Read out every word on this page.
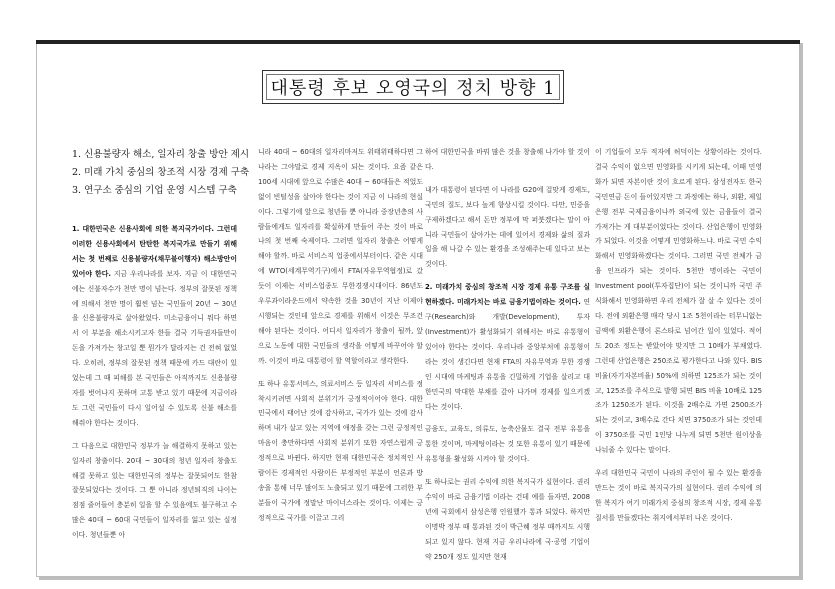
대통령 후보 오영국의 정치 방향 1
1. 신용불량자 해소, 일자리 창출 방안 제시
2. 미래 가치 중심의 창조적 시장 경제 구축
3. 연구소 중심의 기업 운영 시스템 구축

1. 대한민국은 신용사회에 의한 복지국가이다. 그런데 이러한 신용사회에서 탄탄한 복지국가로 만들기 위해서는 첫 번째로 신용불량자(채무불이행자) 해소방안이 있어야 한다. 지금 우리나라를 보자. 지금 이 대한민국에는 신불자수가 천만 명이 넘는다. 정부의 잘못된 정책에 의해서 천만 명이 훨씬 넘는 국민들이 20년 ~ 30년을 신용불량자로 살아왔었다. 미소금융이니 뭐다 하면서 이 부분을 해소시키고자 한들 결국 기득권자들만이 돈을 가져가는 창고일 뿐 뭔가가 달라지는 건 전혀 없었다. 오히려, 정부의 잘못된 정책 때문에 카드 대란이 있었는데 그 때 피해를 본 국민들은 아직까지도 신용불량자를 벗어나지 못하며 고통 받고 있기 때문에 지금이라도 그런 국민들이 다시 일어설 수 있도록 신불 해소를 해줘야 한다는 것이다.

그 다음으로 대한민국 정부가 늘 해결하지 못하고 있는 일자리 창출이다. 20대 ~ 30대의 청년 일자리 창출도 해결 못하고 있는 대한민국의 정부는 잘못되어도 한참 잘못되었다는 것이다. 그 뿐 아니라 정년퇴직의 나이는 점점 줄어들어 충분히 일을 할 수 있음에도 불구하고 수많은 40대 ~ 60대 국민들이 일자리를 잃고 있는 실정이다. 청년들뿐 아

니라 40대 ~ 60대의 일자리마저도 위태위태하다면 그 나라는 그야말로 경제 지옥이 되는 것이다. 요즘 같은 100세 시대에 앞으로 수많은 40대 ~ 60대들은 적었도 없이 빈털성을 살아야 한다는 것이 지금 이 나라의 현실이다. 그렇기에 앞으로 청년들 뿐 아니라 중장년층의 사람들에게도 일자리를 확실하게 만들어 주는 것이 바로 나의 첫 번째 숙제이다. 그러면 일자리 창출은 어떻게 해야 할까. 바로 서비스직 업종에서부터이다. 같은 시대에 WTO(세계무역기구)에서 FTA(자유무역협정)로 갔듯이 이제는 서비스업종도 무한경쟁시대이다. 86년도 우루과이라운드에서 약속한 것을 30년이 지난 이제야 시행되는 것인데 앞으로 경제를 위해서 이것은 무조건 해야 된다는 것이다. 어디서 일자리가 창출이 될까, 앞으로 노동에 대한 국민들의 생각을 어떻게 바꾸어야 할까. 이것이 바로 대통령이 할 역할이라고 생각한다.

또 하나 유통서비스, 의료서비스 등 일자리 서비스를 정착시키려면 사회적 분위기가 긍정적이어야 한다. 대한민국에서 태어난 것에 감사하고, 국가가 있는 것에 감사하며 내가 살고 있는 지역에 애정을 갖는 그런 긍정적인 마음이 충만하다면 사회적 분위기 또한 자연스럽게 긍정적으로 바뀐다. 하지만 현재 대한민국은 정치적인 사람이든 경제적인 사람이든 부정적인 부분이 언론과 방송을 통해 너무 많이도 노출되고 있기 때문에 그러한 부분들이 국가에 정말난 마이너스라는 것이다. 이제는 긍정적으로 국가를 이끌고 그리

하여 대한민국을 바꿔 많은 것을 창출해 나가야 할 것이다.

내가 대통령이 된다면 이 나라를 G20에 걸맞게 경제도, 국민의 질도, 보다 높게 향상시킬 것이다. 다만, 민중을 구제하겠다고 해서 돈만 정부에 막 퍼붓겠다는 말이 아니라 국민들이 살아가는 데에 있어서 경제와 삶의 질과 일을 해 나갈 수 있는 환경을 조성해주는데 있다고 보는 것이다.

2. 미래가치 중심의 창조적 시장 경제 유통 구조를 실현하겠다. 미래가치는 바로 금융기법이라는 것이다. 연구(Research)와 개발(Development), 투자(Investment)가 활성화되기 위해서는 바로 유통형이 있어야 한다는 것이다. 우리나라 중앙부처에 유통형이라는 것이 생긴다면 현재 FTA의 자유무역과 무한 경쟁인 시대에 마케팅과 유통을 긴밀하게 기업을 살리고 대한민국의 막대한 부채를 갚아 나가며 경제를 일으키겠다는 것이다.

금융도, 교육도, 의류도, 농축산물도 결국 전부 유통을 통한 것이며, 마케팅이라는 것 또한 유통이 있기 때문에 유통형을 활성화 시켜야 할 것이다.

또 하나로는 권리 수익에 의한 복지국가 실현이다. 권리수익이 바로 금융기법 이라는 건데 예를 들자면, 2008년에 국회에서 삼성은행 인원했가 통과 되었다. 하지만 이명박 정부 때 통과된 것이 박근혜 정부 때까지도 시행 되고 있지 않다. 현재 지금 우리나라에 국·공영 기업이 약 250개 정도 있지만 현재

이 기업들이 모두 적자에 허덕이는 상황이라는 것이다. 결국 수익이 없으면 민영화를 시키게 되는데, 이때 민영화가 되면 자본이란 것이 흐르게 된다. 삼성전자도 한국 국민연금 돈이 들어있지만 그 과정에는 하나, 외환, 제일은행 전부 국제금융이나까 외국에 있는 금융들이 결국 가져가는 게 대부분이었다는 것이다. 산업은행이 민영화가 되었다. 이것을 어떻게 민영화하느냐. 바로 국민 수익화해서 민영화하겠다는 것이다. 그러면 국민 전체가 금융 인프라가 되는 것이다. 5천만 명이라는 국민이 Investment pool(투자집단)이 되는 것이니까 국민 주식화해서 민영화하면 우리 전체가 잘 살 수 있다는 것이다. 전에 외환은행 매각 당시 1조 5천이라는 터무니없는 금액에 외환은행이 론스타로 넘어간 일이 있었다. 적어도 20조 정도는 받았어야 맞지만 그 10배가 부채였다. 그런데 산업은행은 250조로 평가한다고 나와 있다. BIS비율(자기자본비율) 50%에 의하면 125조가 되는 것이고, 125조를 주식으로 발행 되면 BIS 비율 10배로 125조가 1250조가 된다. 이것을 2배수로 가면 2500조가 되는 것이고, 3배수로 간다 치면 3750조가 되는 것인데 이 3750조를 국민 1인당 나누게 되면 5천만 원이상을 나눠줄 수 있다는 말이다.

우리 대한민국 국민이 나라의 주인이 될 수 있는 환경을 만드는 것이 바로 복지국가의 실현이다. 권리 수익에 의한 복지가 여기 미래가치 중심의 창조적 시장, 경제 유통 질서를 만들겠다는 취지에서부터 나온 것이다.
